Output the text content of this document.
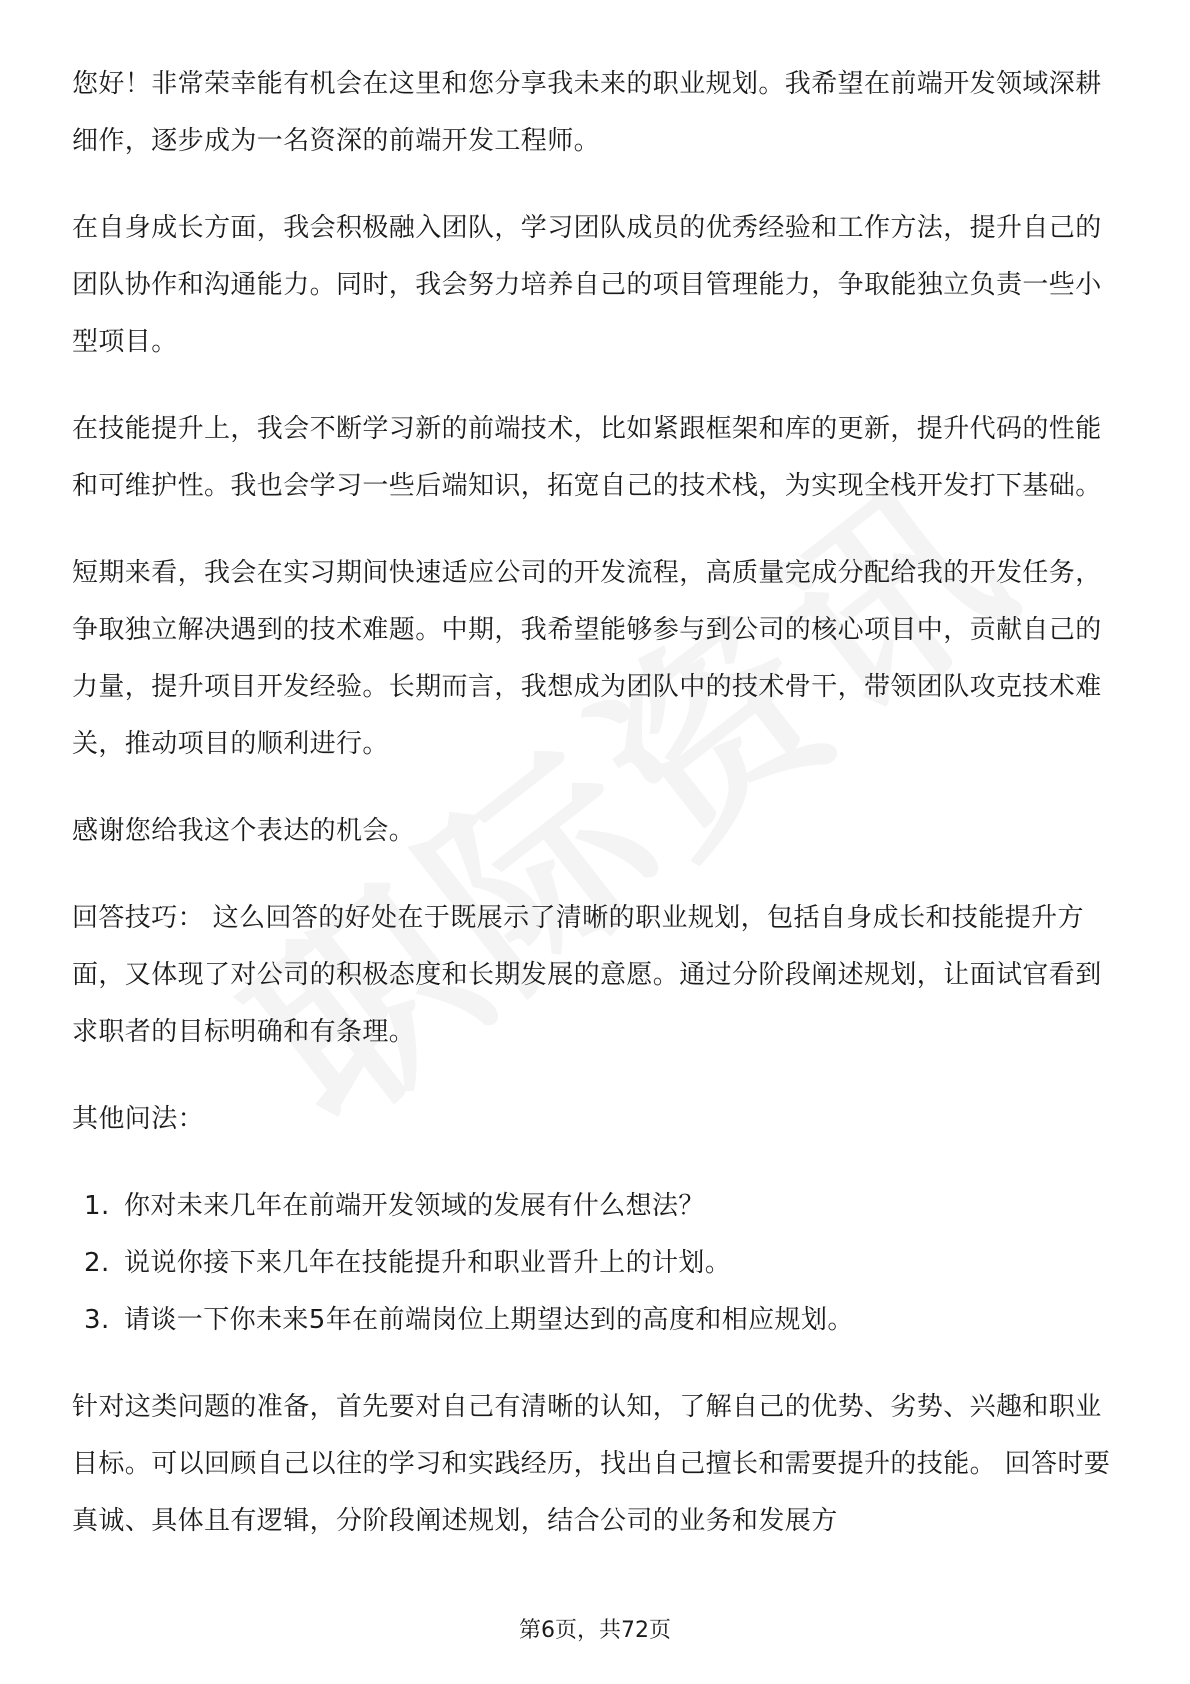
您好！非常荣幸能有机会在这里和您分享我未来的职业规划。我希望在前端开发领域深耕细作，逐步成为一名资深的前端开发工程师。

在自身成长方面，我会积极融入团队，学习团队成员的优秀经验和工作方法，提升自己的团队协作和沟通能力。同时，我会努力培养自己的项目管理能力，争取能独立负责一些小型项目。

在技能提升上，我会不断学习新的前端技术，比如紧跟框架和库的更新，提升代码的性能和可维护性。我也会学习一些后端知识，拓宽自己的技术栈，为实现全栈开发打下基础。

短期来看，我会在实习期间快速适应公司的开发流程，高质量完成分配给我的开发任务，争取独立解决遇到的技术难题。中期，我希望能够参与到公司的核心项目中，贡献自己的力量，提升项目开发经验。长期而言，我想成为团队中的技术骨干，带领团队攻克技术难关，推动项目的顺利进行。

感谢您给我这个表达的机会。

回答技巧： 这么回答的好处在于既展示了清晰的职业规划，包括自身成长和技能提升方面，又体现了对公司的积极态度和长期发展的意愿。通过分阶段阐述规划，让面试官看到求职者的目标明确和有条理。

其他问法：

1. 你对未来几年在前端开发领域的发展有什么想法？
2. 说说你接下来几年在技能提升和职业晋升上的计划。
3. 请谈一下你未来5年在前端岗位上期望达到的高度和相应规划。

针对这类问题的准备，首先要对自己有清晰的认知，了解自己的优势、劣势、兴趣和职业目标。可以回顾自己以往的学习和实践经历，找出自己擅长和需要提升的技能。 回答时要真诚、具体且有逻辑，分阶段阐述规划，结合公司的业务和发展方

第6页，共72页
